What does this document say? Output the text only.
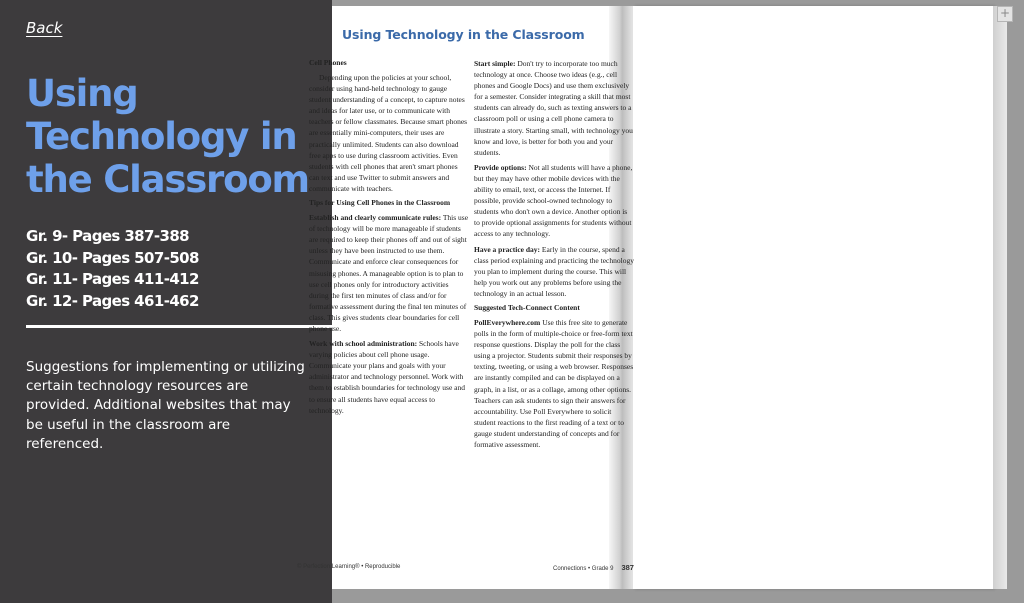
Back
Using
Technology in
the Classroom
Gr. 9- Pages 387-388
Gr. 10- Pages 507-508
Gr. 11- Pages 411-412
Gr. 12- Pages 461-462
Suggestions for implementing or utilizing certain technology resources are provided. Additional websites that may be useful in the classroom are referenced.
+
Using Technology in the Classroom
Cell Phones

Depending upon the policies at your school, consider using hand-held technology to gauge student understanding of a concept, to capture notes and ideas for later use, or to communicate with teachers or fellow classmates. Because smart phones are essentially mini-computers, their uses are practically unlimited. Students can also download free apps to use during classroom activities. Even students with cell phones that aren't smart phones can text and use Twitter to submit answers and communicate with teachers.

Tips for Using Cell Phones in the Classroom

Establish and clearly communicate rules: This use of technology will be more manageable if students are required to keep their phones off and out of sight unless they have been instructed to use them. Communicate and enforce clear consequences for misusing phones. A manageable option is to plan to use cell phones only for introductory activities during the first ten minutes of class and/or for formative assessment during the final ten minutes of class. This gives students clear boundaries for cell phone use.

Work with school administration: Schools have varying policies about cell phone usage. Communicate your plans and goals with your administrator and technology personnel. Work with them to establish boundaries for technology use and to ensure all students have equal access to technology.

Start simple: Don't try to incorporate too much technology at once. Choose two ideas (e.g., cell phones and Google Docs) and use them exclusively for a semester. Consider integrating a skill that most students can already do, such as texting answers to a classroom poll or using a cell phone camera to illustrate a story. Starting small, with technology you know and love, is better for both you and your students.

Provide options: Not all students will have a phone, but they may have other mobile devices with the ability to email, text, or access the Internet. If possible, provide school-owned technology to students who don't own a device. Another option is to provide optional assignments for students without access to any technology.

Have a practice day: Early in the course, spend a class period explaining and practicing the technology you plan to implement during the course. This will help you work out any problems before using the technology in an actual lesson.

Suggested Tech-Connect Content

PollEverywhere.com Use this free site to generate polls in the form of multiple-choice or free-form text response questions. Display the poll for the class using a projector. Students submit their responses by texting, tweeting, or using a web browser. Responses are instantly compiled and can be displayed on a graph, in a list, or as a collage, among other options. Teachers can ask students to sign their answers for accountability. Use Poll Everywhere to solicit student reactions to the first reading of a text or to gauge student understanding of concepts and for formative assessment.

© Perfection Learning® • Reproducible	Connections • Grade 9 387
